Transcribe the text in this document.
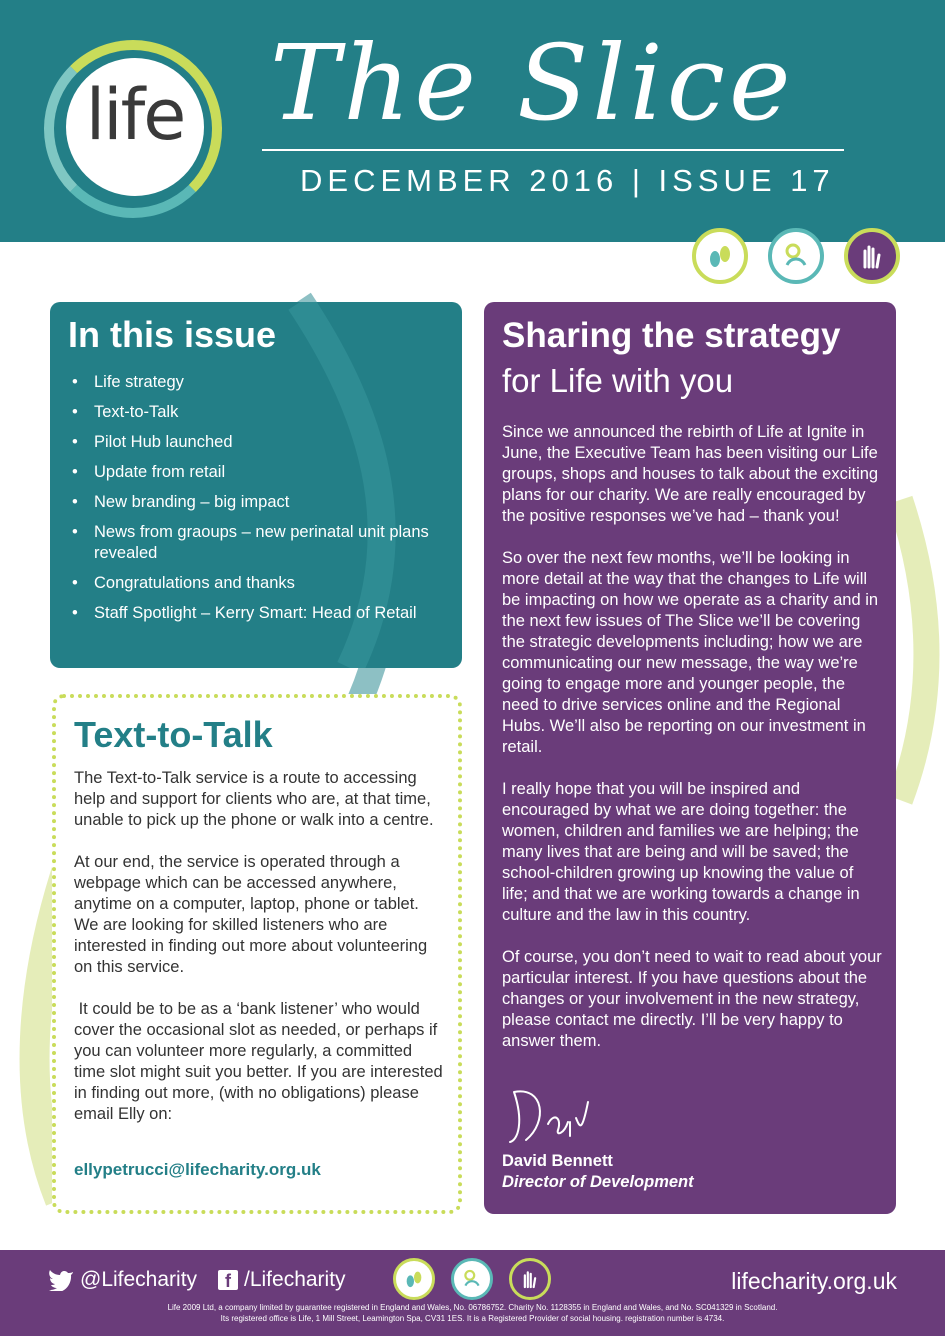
life The Slice
DECEMBER 2016 | ISSUE 17
In this issue
• Life strategy
• Text-to-Talk
• Pilot Hub launched
• Update from retail
• New branding – big impact
• News from graoups – new perinatal unit plans revealed
• Congratulations and thanks
• Staff Spotlight – Kerry Smart: Head of Retail
Text-to-Talk

The Text-to-Talk service is a route to accessing help and support for clients who are, at that time, unable to pick up the phone or walk into a centre.

At our end, the service is operated through a webpage which can be accessed anywhere, anytime on a computer, laptop, phone or tablet. We are looking for skilled listeners who are interested in finding out more about volunteering on this service.

It could be to be as a ‘bank listener’ who would cover the occasional slot as needed, or perhaps if you can volunteer more regularly, a committed time slot might suit you better. If you are interested in finding out more, (with no obligations) please email Elly on:

ellypetrucci@lifecharity.org.uk
Sharing the strategy
for Life with you

Since we announced the rebirth of Life at Ignite in June, the Executive Team has been visiting our Life groups, shops and houses to talk about the exciting plans for our charity. We are really encouraged by the positive responses we’ve had – thank you!

So over the next few months, we’ll be looking in more detail at the way that the changes to Life will be impacting on how we operate as a charity and in the next few issues of The Slice we’ll be covering the strategic developments including; how we are communicating our new message, the way we’re going to engage more and younger people, the need to drive services online and the Regional Hubs. We’ll also be reporting on our investment in retail.

I really hope that you will be inspired and encouraged by what we are doing together: the women, children and families we are helping; the many lives that are being and will be saved; the school-children growing up knowing the value of life; and that we are working towards a change in culture and the law in this country.

Of course, you don’t need to wait to read about your particular interest. If you have questions about the changes or your involvement in the new strategy, please contact me directly. I’ll be very happy to answer them.

David Bennett
Director of Development
@Lifecharity	f /Lifecharity	lifecharity.org.uk
Life 2009 Ltd, a company limited by guarantee registered in England and Wales, No. 06786752. Charity No. 1128355 in England and Wales, and No. SC041329 in Scotland.
Its registered office is Life, 1 Mill Street, Leamington Spa, CV31 1ES. It is a Registered Provider of social housing. registration number is 4734.
